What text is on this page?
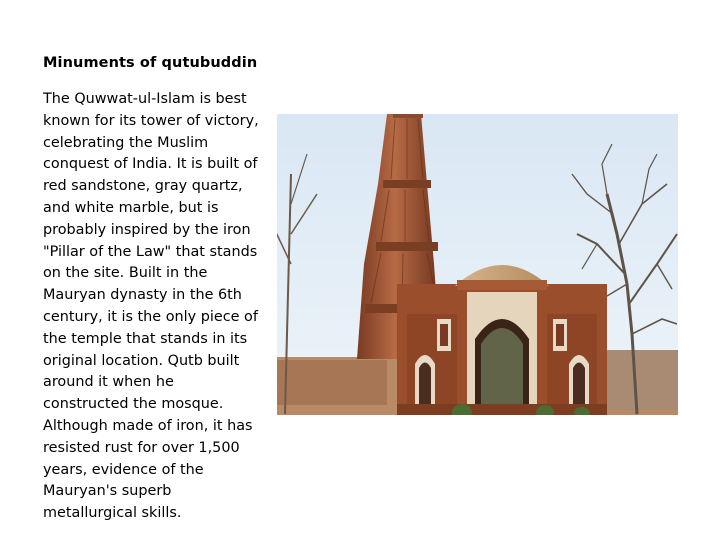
Minuments of qutubuddin
The Quwwat-ul-Islam is best
known for its tower of victory,
celebrating the Muslim
conquest of India. It is built of
red sandstone, gray quartz,
and white marble, but is
probably inspired by the iron
"Pillar of the Law" that stands
on the site. Built in the
Mauryan dynasty in the 6th
century, it is the only piece of
the temple that stands in its
original location. Qutb built
around it when he
constructed the mosque.
Although made of iron, it has
resisted rust for over 1,500
years, evidence of the
Mauryan's superb
metallurgical skills.
